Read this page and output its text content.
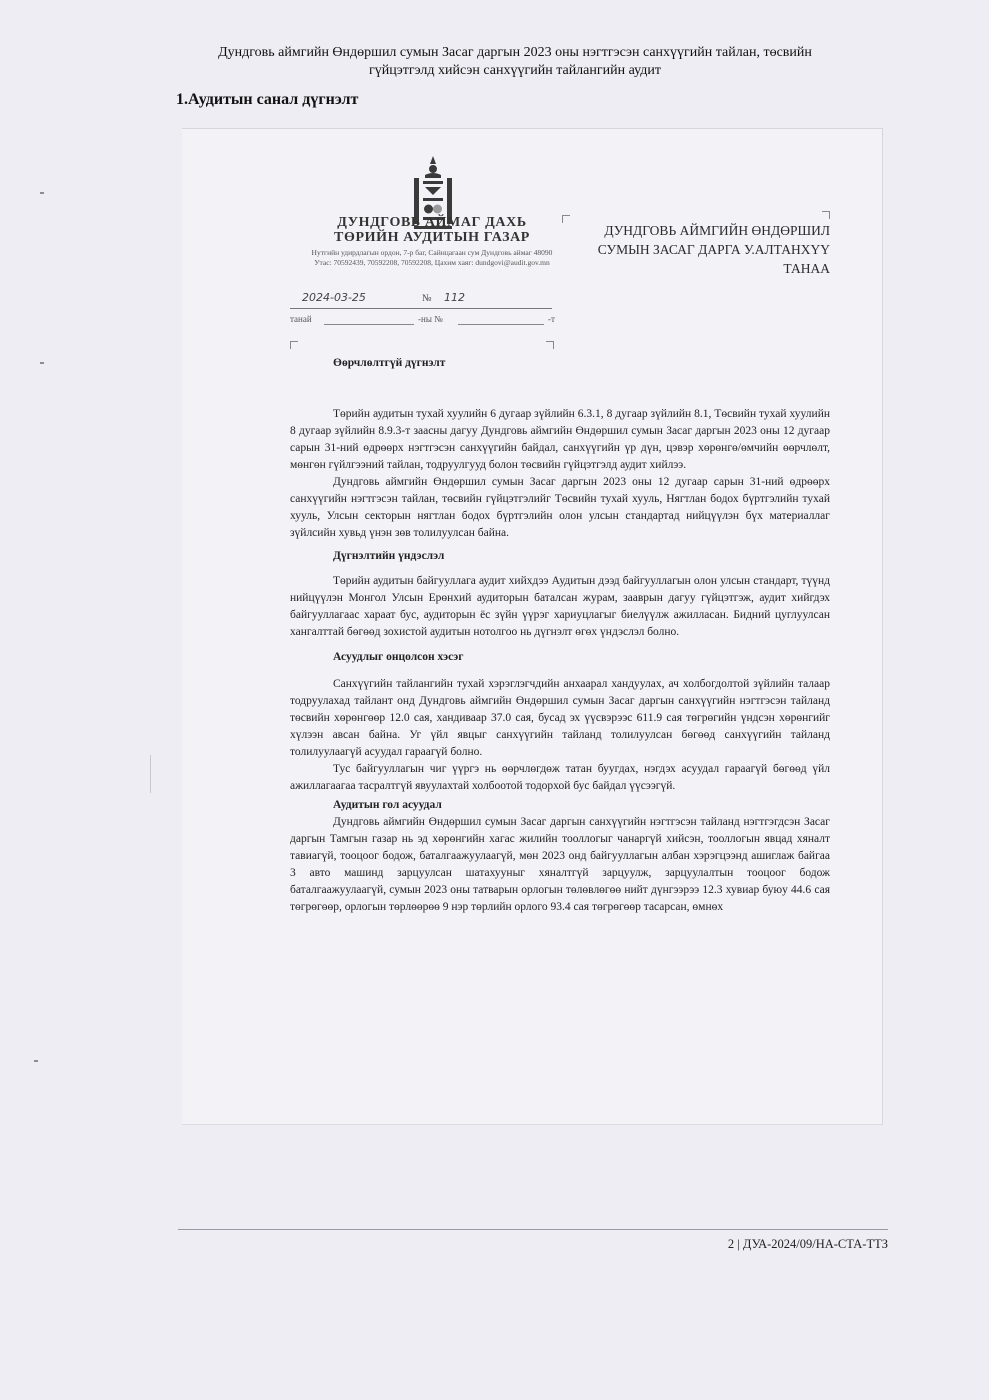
Дундговь аймгийн Өндөршил сумын Засаг даргын 2023 оны нэгтгэсэн санхүүгийн тайлан, төсвийн
гүйцэтгэлд хийсэн санхүүгийн тайлангийн аудит
1.Аудитын санал дүгнэлт
ДУНДГОВЬ АЙМАГ ДАХЬ
ТӨРИЙН АУДИТЫН ГАЗАР
Нутгийн удирдлагын ордон, 7-р бaг, Сайнцагаан сум Дундговь аймаг 48090 Утас: 70592439, 70592208, 70592208, Цахим хаяг: dundgovi@audit.gov.mn
ДУНДГОВЬ АЙМГИЙН ӨНДӨРШИЛ
СУМЫН ЗАСАГ ДАРГА У.АЛТАНХҮҮ
ТАНАА
2024-03-25	№ 112
танай	-ны №	-т
Өөрчлөлтгүй дүгнэлт

Төрийн аудитын тухай хуулийн 6 дугаар зүйлийн 6.3.1, 8 дугаар зүйлийн 8.1, Төсвийн тухай хуулийн 8 дугаар зүйлийн 8.9.3-т заасны дагуу Дундговь аймгийн Өндөршил сумын Засаг даргын 2023 оны 12 дугаар сарын 31-ний өдрөөрх нэгтгэсэн санхүүгийн байдал, санхүүгийн үр дүн, цэвэр хөрөнгө/өмчийн өөрчлөлт, мөнгөн гүйлгээний тайлан, тодруулгууд болон төсвийн гүйцэтгэлд аудит хийлээ.

Дундговь аймгийн Өндөршил сумын Засаг даргын 2023 оны 12 дугаар сарын 31-ний өдрөөрх санхүүгийн нэгтгэсэн тайлан, төсвийн гүйцэтгэлийг Төсвийн тухай хууль, Нягтлан бодох бүртгэлийн тухай хууль, Улсын секторын нягтлан бодох бүртгэлийн олон улсын стандартад нийцүүлэн бүх материаллаг зүйлсийн хувьд үнэн зөв толилуулсан байна.

Дүгнэлтийн үндэслэл

Төрийн аудитын байгууллага аудит хийхдээ Аудитын дээд байгууллагын олон улсын стандарт, түүнд нийцүүлэн Монгол Улсын Ерөнхий аудиторын баталсан журам, зааврын дагуу гүйцэтгэж, аудит хийгдэх байгууллагаас хараат бус, аудиторын ёс зүйн үүрэг хариуцлагыг биелүүлж ажилласан. Бидний цуглуулсан хангалттай бөгөөд зохистой аудитын нотолгоо нь дүгнэлт өгөх үндэслэл болно.

Асуудлыг онцолсон хэсэг

Санхүүгийн тайлангийн тухай хэрэглэгчдийн анхаарал хандуулах, ач холбогдолтой зүйлийн талаар тодруулахад тайлант онд Дундговь аймгийн Өндөршил сумын Засаг даргын санхүүгийн нэгтгэсэн тайланд төсвийн хөрөнгөөр 12.0 сая, хандиваар 37.0 сая, бусад эх үүсвэрээс 611.9 сая төгрөгийн үндсэн хөрөнгийг хүлээн авсан байна. Уг үйл явцыг санхүүгийн тайланд толилуулсан бөгөөд санхүүгийн тайланд толилуулаагүй асуудал гараагүй болно.

Тус байгууллагын чиг үүргэ нь өөрчлөгдөж татан буугдах, нэгдэх асуудал гараагүй бөгөөд үйл ажиллагаагаа тасралтгүй явуулахтай холбоотой тодорхой бус байдал үүсээгүй.

Аудитын гол асуудал

Дундговь аймгийн Өндөршил сумын Засаг даргын санхүүгийн нэгтгэсэн тайланд нэгтгэгдсэн Засаг даргын Тамгын газар нь эд хөрөнгийн хагас жилийн тооллогыг чанаргүй хийсэн, тооллогын явцад хяналт тавиагүй, тооцоог бодож, баталгаажуулаагүй, мөн 2023 онд байгууллагын албан хэрэгцээнд ашиглаж байгаа 3 авто машинд зарцуулсан шатахууныг хяналтгүй зарцуулж, зарцуулалтын тооцоог бодож баталгаажуулаагүй, сумын 2023 оны татварын орлогын төлөвлөгөө нийт дүнгээрээ 12.3 хувиар буюу 44.6 сая төгрөгөөр, орлогын төрлөөрөө 9 нэр төрлийн орлого 93.4 сая төгрөгөөр тасарсан, өмнөх

2 | ДУА-2024/09/НА-СТА-ТТЗ
